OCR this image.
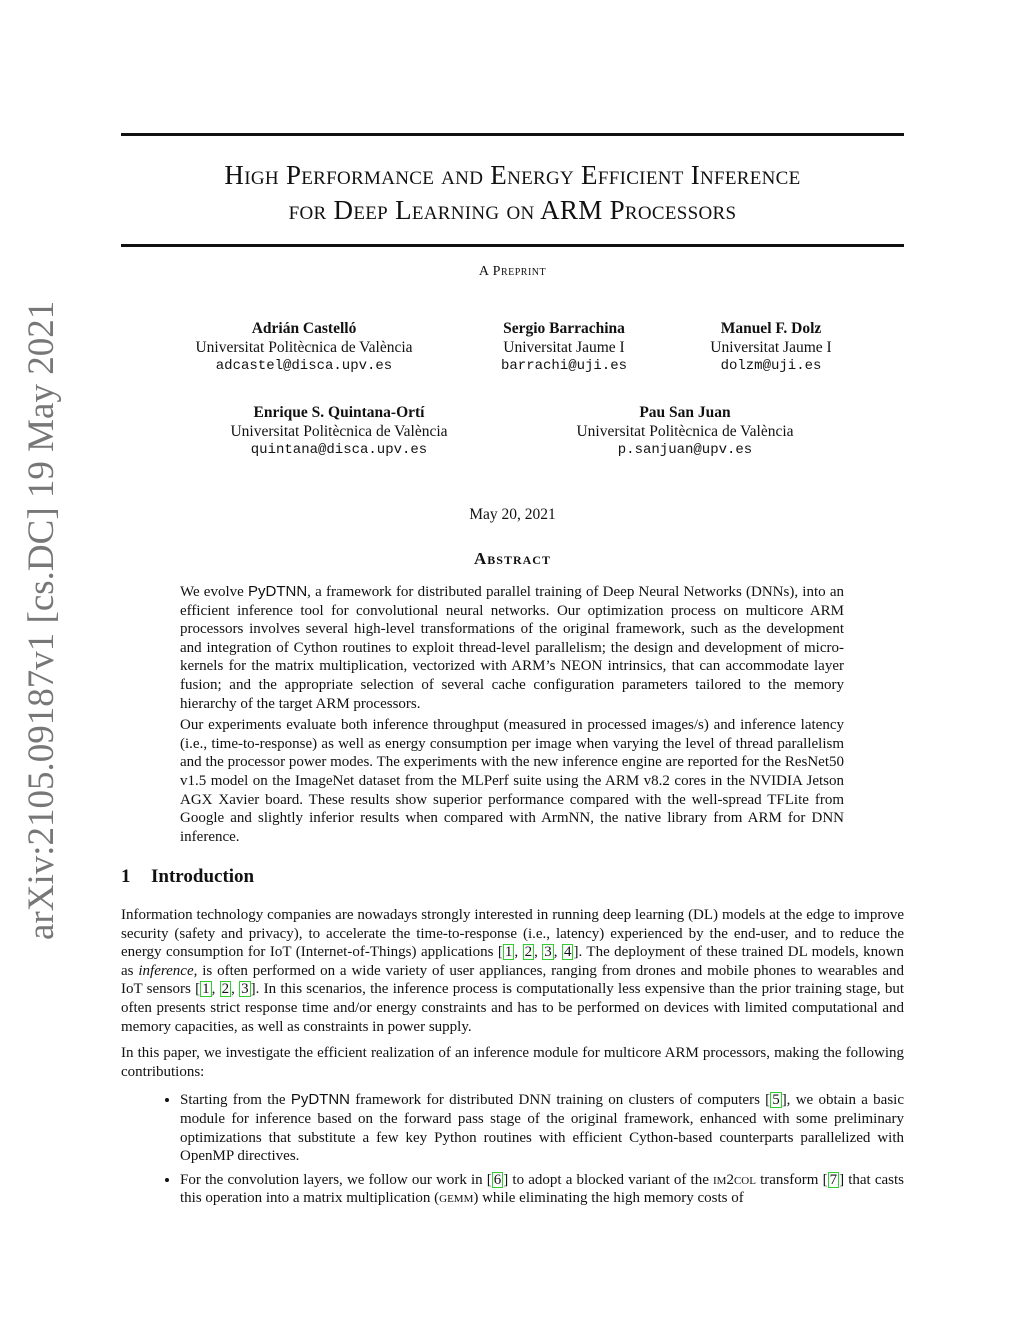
arXiv:2105.09187v1 [cs.DC] 19 May 2021
High Performance and Energy Efficient Inference
for Deep Learning on ARM Processors
A Preprint
Adrián Castelló
Universitat Politècnica de València
adcastel@disca.upv.es
Sergio Barrachina
Universitat Jaume I
barrachi@uji.es
Manuel F. Dolz
Universitat Jaume I
dolzm@uji.es
Enrique S. Quintana-Ortí
Universitat Politècnica de València
quintana@disca.upv.es
Pau San Juan
Universitat Politècnica de València
p.sanjuan@upv.es
May 20, 2021
Abstract

We evolve PyDTNN, a framework for distributed parallel training of Deep Neural Networks (DNNs), into an efficient inference tool for convolutional neural networks. Our optimization process on multicore ARM processors involves several high-level transformations of the original framework, such as the development and integration of Cython routines to exploit thread-level parallelism; the design and development of micro-kernels for the matrix multiplication, vectorized with ARM’s NEON intrinsics, that can accommodate layer fusion; and the appropriate selection of several cache configuration parameters tailored to the memory hierarchy of the target ARM processors.

Our experiments evaluate both inference throughput (measured in processed images/s) and inference latency (i.e., time-to-response) as well as energy consumption per image when varying the level of thread parallelism and the processor power modes. The experiments with the new inference engine are reported for the ResNet50 v1.5 model on the ImageNet dataset from the MLPerf suite using the ARM v8.2 cores in the NVIDIA Jetson AGX Xavier board. These results show superior performance compared with the well-spread TFLite from Google and slightly inferior results when compared with ArmNN, the native library from ARM for DNN inference.

1 Introduction

Information technology companies are nowadays strongly interested in running deep learning (DL) models at the edge to improve security (safety and privacy), to accelerate the time-to-response (i.e., latency) experienced by the end-user, and to reduce the energy consumption for IoT (Internet-of-Things) applications [ 1 , 2 , 3 , 4 ]. The deployment of these trained DL models, known as inference, is often performed on a wide variety of user appliances, ranging from drones and mobile phones to wearables and IoT sensors [ 1 , 2 , 3 ]. In this scenarios, the inference process is computationally less expensive than the prior training stage, but often presents strict response time and/or energy constraints and has to be performed on devices with limited computational and memory capacities, as well as constraints in power supply.

In this paper, we investigate the efficient realization of an inference module for multicore ARM processors, making the following contributions:

• Starting from the PyDTNN framework for distributed DNN training on clusters of computers [ 5 ], we obtain a basic module for inference based on the forward pass stage of the original framework, enhanced with some preliminary optimizations that substitute a few key Python routines with efficient Cython-based counterparts parallelized with OpenMP directives.
• For the convolution layers, we follow our work in [ 6 ] to adopt a blocked variant of the im2col transform [ 7 ] that casts this operation into a matrix multiplication (gemm) while eliminating the high memory costs of
